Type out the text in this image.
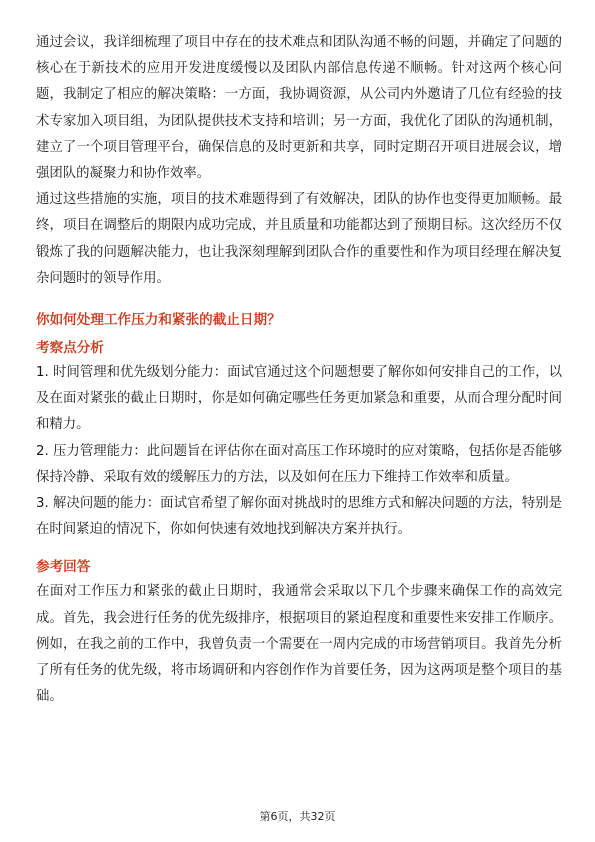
通过会议，我详细梳理了项目中存在的技术难点和团队沟通不畅的问题，并确定了问题的核心在于新技术的应用开发进度缓慢以及团队内部信息传递不顺畅。针对这两个核心问题，我制定了相应的解决策略：一方面，我协调资源，从公司内外邀请了几位有经验的技术专家加入项目组，为团队提供技术支持和培训；另一方面，我优化了团队的沟通机制，建立了一个项目管理平台，确保信息的及时更新和共享，同时定期召开项目进展会议，增强团队的凝聚力和协作效率。

通过这些措施的实施，项目的技术难题得到了有效解决，团队的协作也变得更加顺畅。最终，项目在调整后的期限内成功完成，并且质量和功能都达到了预期目标。这次经历不仅锻炼了我的问题解决能力，也让我深刻理解到团队合作的重要性和作为项目经理在解决复杂问题时的领导作用。

你如何处理工作压力和紧张的截止日期？
考察点分析

1. 时间管理和优先级划分能力：面试官通过这个问题想要了解你如何安排自己的工作，以及在面对紧张的截止日期时，你是如何确定哪些任务更加紧急和重要，从而合理分配时间和精力。

2. 压力管理能力：此问题旨在评估你在面对高压工作环境时的应对策略，包括你是否能够保持冷静、采取有效的缓解压力的方法，以及如何在压力下维持工作效率和质量。

3. 解决问题的能力：面试官希望了解你面对挑战时的思维方式和解决问题的方法，特别是在时间紧迫的情况下，你如何快速有效地找到解决方案并执行。

参考回答

在面对工作压力和紧张的截止日期时，我通常会采取以下几个步骤来确保工作的高效完成。首先，我会进行任务的优先级排序，根据项目的紧迫程度和重要性来安排工作顺序。例如，在我之前的工作中，我曾负责一个需要在一周内完成的市场营销项目。我首先分析了所有任务的优先级，将市场调研和内容创作作为首要任务，因为这两项是整个项目的基础。

第6页，共32页
